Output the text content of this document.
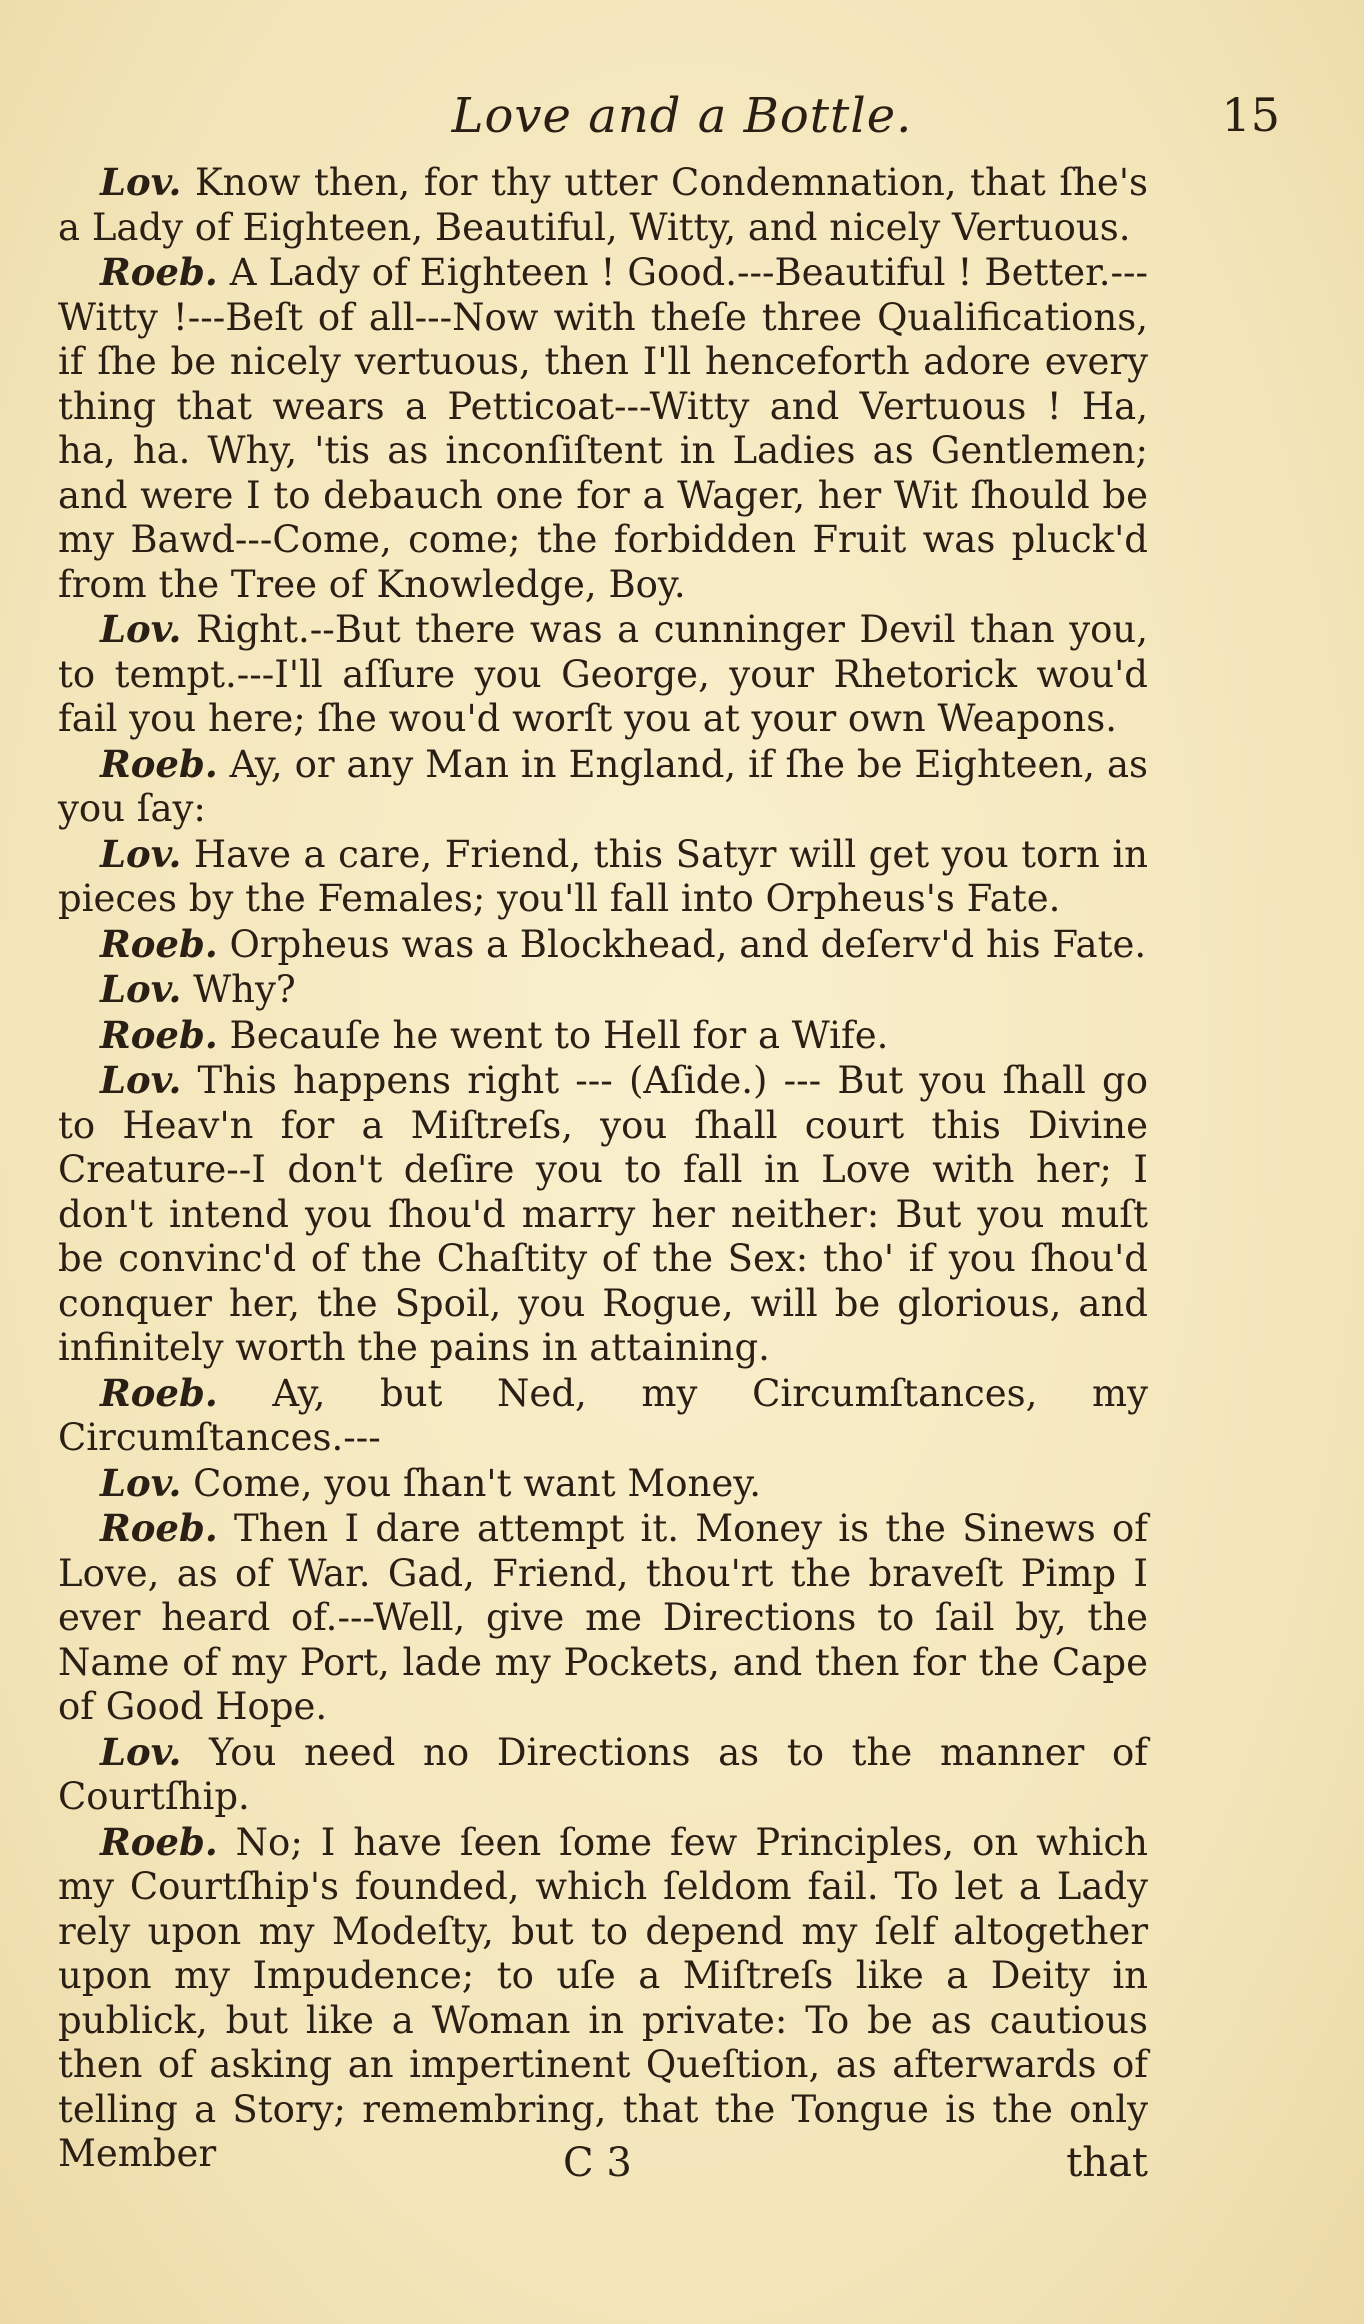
Love and a Bottle.	15

Lov. Know then, for thy utter Condemnation, that ſhe's a Lady of Eighteen, Beautiful, Witty, and nicely Vertuous.

Roeb. A Lady of Eighteen ! Good.---Beautiful ! Better.---Witty !---Beſt of all---Now with theſe three Qualifications, if ſhe be nicely vertuous, then I'll henceforth adore every thing that wears a Petticoat---Witty and Vertuous ! Ha, ha, ha. Why, 'tis as inconſiſtent in Ladies as Gentlemen; and were I to debauch one for a Wager, her Wit ſhould be my Bawd---Come, come; the forbidden Fruit was pluck'd from the Tree of Knowledge, Boy.

Lov. Right.--But there was a cunninger Devil than you, to tempt.---I'll aſſure you George, your Rhetorick wou'd fail you here; ſhe wou'd worſt you at your own Weapons.

Roeb. Ay, or any Man in England, if ſhe be Eighteen, as you ſay:

Lov. Have a care, Friend, this Satyr will get you torn in pieces by the Females; you'll fall into Orpheus's Fate.

Roeb. Orpheus was a Blockhead, and deſerv'd his Fate.

Lov. Why?

Roeb. Becauſe he went to Hell for a Wife.

Lov. This happens right --- (Aſide.) --- But you ſhall go to Heav'n for a Miſtreſs, you ſhall court this Divine Creature--I don't deſire you to fall in Love with her; I don't intend you ſhou'd marry her neither: But you muſt be convinc'd of the Chaſtity of the Sex: tho' if you ſhou'd conquer her, the Spoil, you Rogue, will be glorious, and infinitely worth the pains in attaining.

Roeb. Ay, but Ned, my Circumſtances, my Circumſtances.---

Lov. Come, you ſhan't want Money.

Roeb. Then I dare attempt it. Money is the Sinews of Love, as of War. Gad, Friend, thou'rt the braveſt Pimp I ever heard of.---Well, give me Directions to ſail by, the Name of my Port, lade my Pockets, and then for the Cape of Good Hope.

Lov. You need no Directions as to the manner of Courtſhip.

Roeb. No; I have ſeen ſome few Principles, on which my Courtſhip's founded, which ſeldom fail. To let a Lady rely upon my Modeſty, but to depend my ſelf altogether upon my Impudence; to uſe a Miſtreſs like a Deity in publick, but like a Woman in private: To be as cautious then of asking an impertinent Queſtion, as afterwards of telling a Story; remembring, that the Tongue is the only Member	C 3	that
